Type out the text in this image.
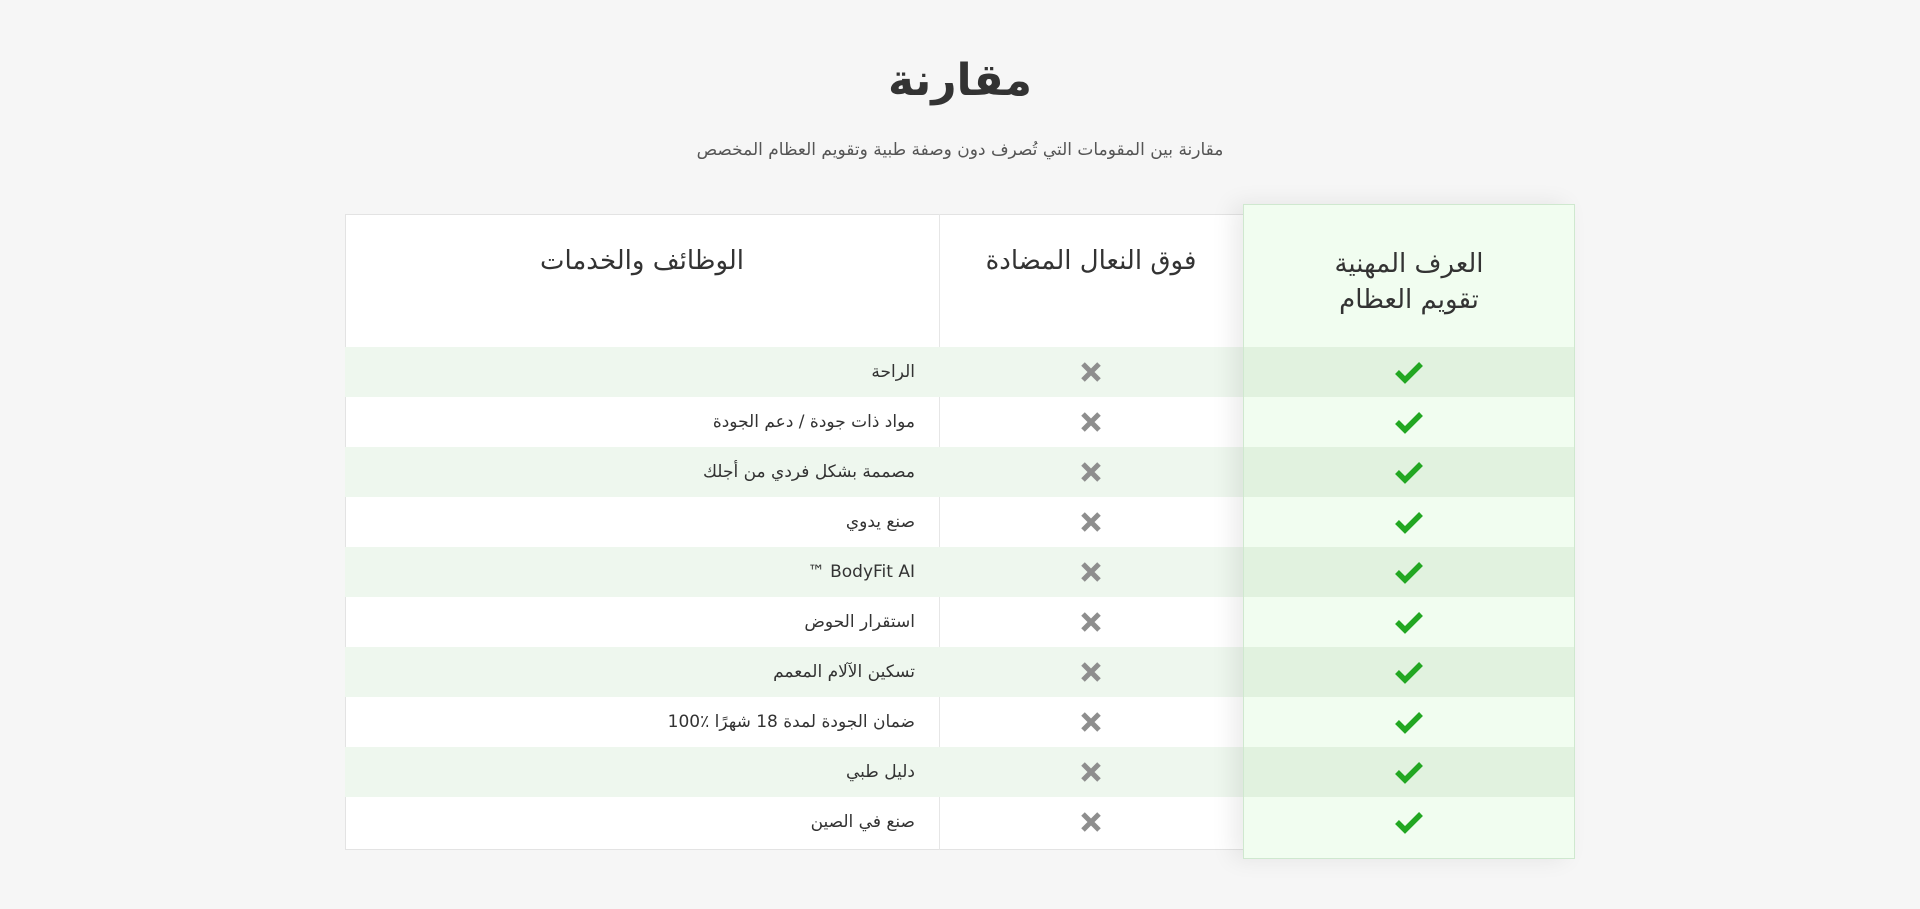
مقارنة

مقارنة بين المقومات التي تُصرف دون وصفة طبية وتقويم العظام المخصص

الوظائف والخدمات	فوق النعال المضادة
الراحة
مواد ذات جودة / دعم الجودة
مصممة بشكل فردي من أجلك
صنع يدوي
BodyFit AI ™
استقرار الحوض
تسكين الآلام المعمم
ضمان الجودة لمدة 18 شهرًا ٪100
دليل طبي
صنع في الصين
العرف المهنية
تقويم العظام
